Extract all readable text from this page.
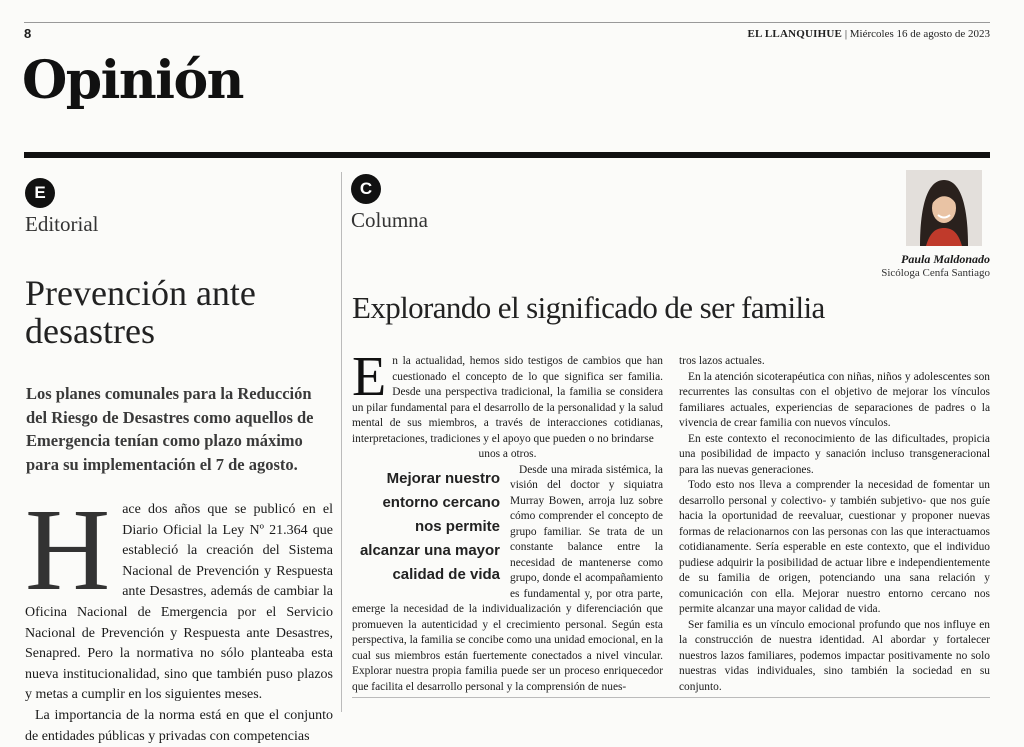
8	EL LLANQUIHUE | Miércoles 16 de agosto de 2023
Opinión
E
Editorial
Prevención ante desastres
Los planes comunales para la Reducción del Riesgo de Desastres como aquellos de Emergencia tenían como plazo máximo para su implementación el 7 de agosto.

Hace dos años que se publicó en el Diario Oficial la Ley Nº 21.364 que estableció la creación del Sistema Nacional de Prevención y Respuesta ante Desastres, además de cambiar la Oficina Nacional de Emergencia por el Servicio Nacional de Prevención y Respuesta ante Desastres, Senapred. Pero la normativa no sólo planteaba esta nueva institucionalidad, sino que también puso plazos y metas a cumplir en los siguientes meses.

La importancia de la norma está en que el conjunto de entidades públicas y privadas con competencias

C
Columna
Paula Maldonado
Sicóloga Cenfa Santiago
Explorando el significado de ser familia

En la actualidad, hemos sido testigos de cambios que han cuestionado el concepto de lo que significa ser familia. Desde una perspectiva tradicional, la familia se considera un pilar fundamental para el desarrollo de la personalidad y la salud mental de sus miembros, a través de interacciones cotidianas, interpretaciones, tradiciones y el apoyo que pueden o no brindarse

unos a otros.

Mejorar nuestro entorno cercano nos permite alcanzar una mayor calidad de vida

Desde una mirada sistémica, la visión del doctor y siquiatra Murray Bowen, arroja luz sobre cómo comprender el concepto de grupo familiar. Se trata de un constante balance entre la necesidad de mantenerse como grupo, donde el acompañamiento es fundamental y, por otra parte, emerge la necesidad de la individualización y diferenciación que promueven la autenticidad y el crecimiento personal. Según esta perspectiva, la familia se concibe como una unidad emocional, en la cual sus miembros están fuertemente conectados a nivel vincular. Explorar nuestra propia familia puede ser un proceso enriquecedor que facilita el desarrollo personal y la comprensión de nues-

tros lazos actuales.

En la atención sicoterapéutica con niñas, niños y adolescentes son recurrentes las consultas con el objetivo de mejorar los vínculos familiares actuales, experiencias de separaciones de padres o la vivencia de crear familia con nuevos vínculos.

En este contexto el reconocimiento de las dificultades, propicia una posibilidad de impacto y sanación incluso transgeneracional para las nuevas generaciones.

Todo esto nos lleva a comprender la necesidad de fomentar un desarrollo personal y colectivo- y también subjetivo- que nos guíe hacia la oportunidad de reevaluar, cuestionar y proponer nuevas formas de relacionarnos con las personas con las que interactuamos cotidianamente. Sería esperable en este contexto, que el individuo pudiese adquirir la posibilidad de actuar libre e independientemente de su familia de origen, potenciando una sana relación y comunicación con ella. Mejorar nuestro entorno cercano nos permite alcanzar una mayor calidad de vida.

Ser familia es un vínculo emocional profundo que nos influye en la construcción de nuestra identidad. Al abordar y fortalecer nuestros lazos familiares, podemos impactar positivamente no solo nuestras vidas individuales, sino también la sociedad en su conjunto.
